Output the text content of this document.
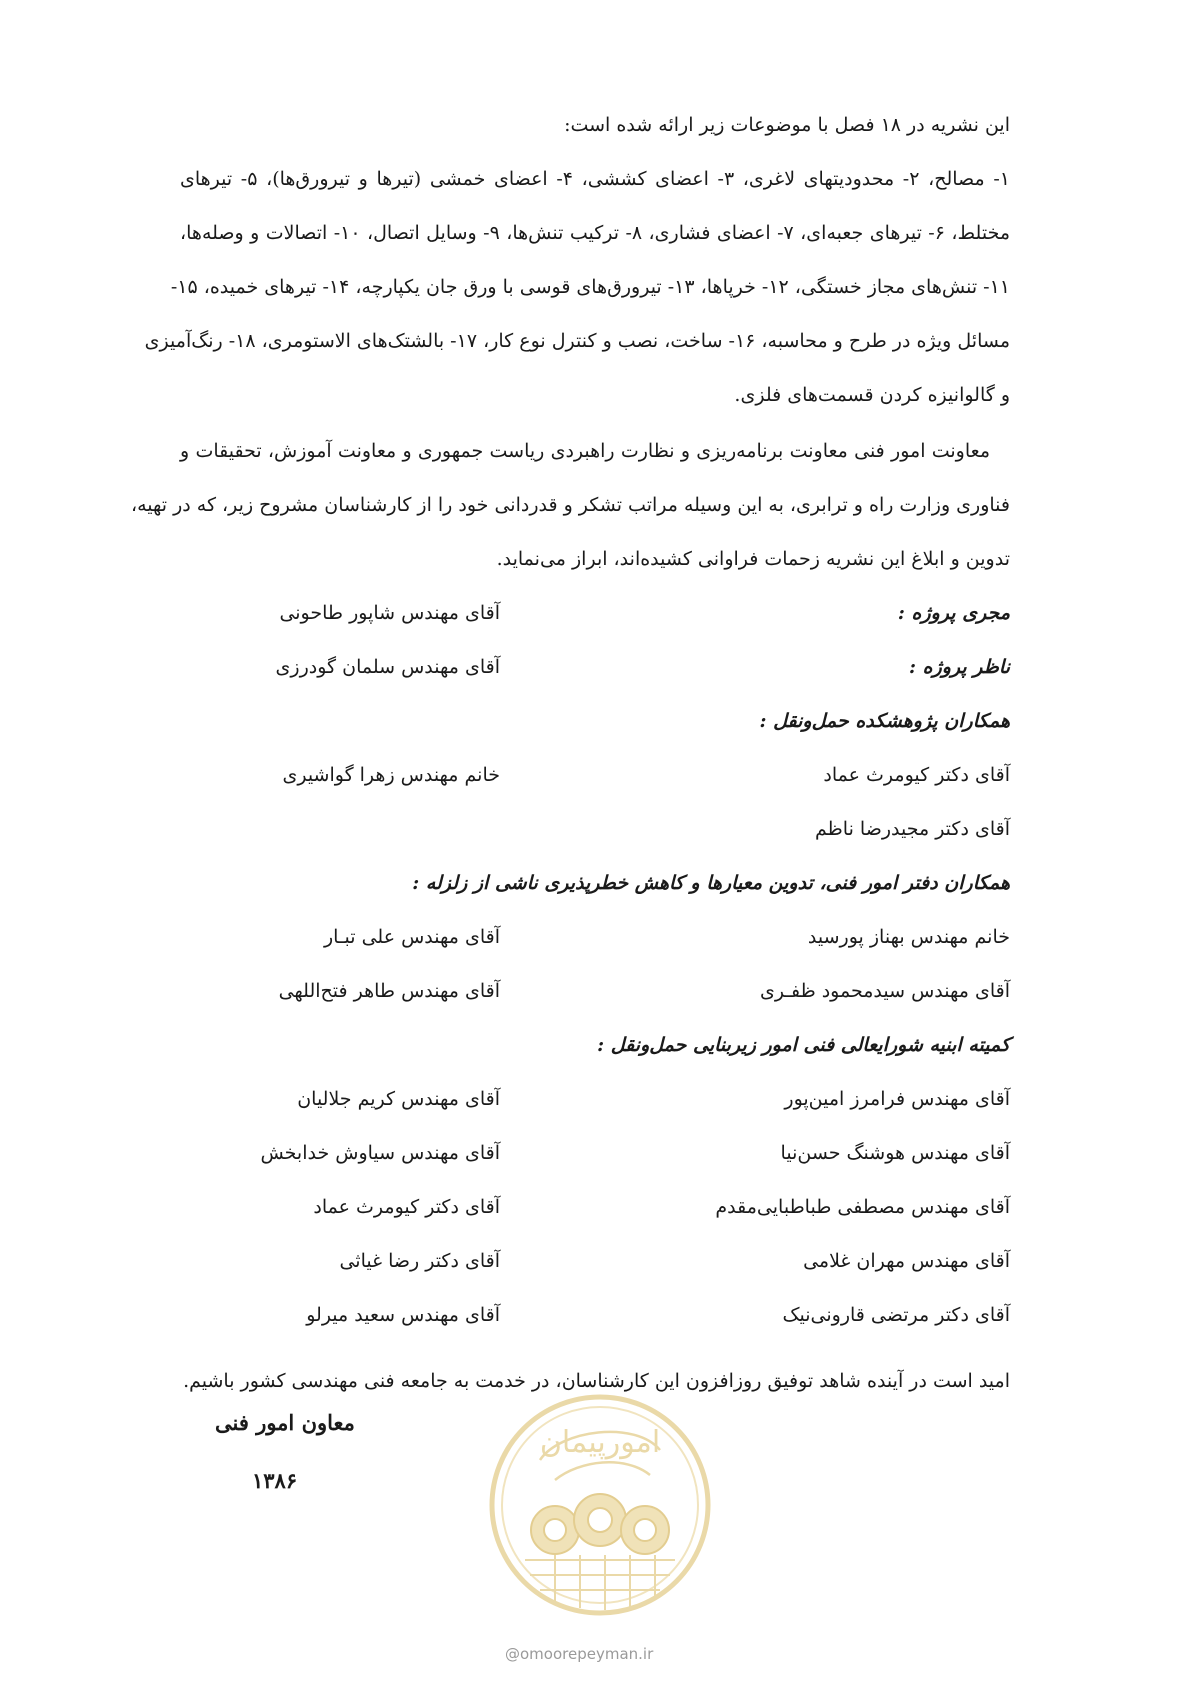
این نشریه در ۱۸ فصل با موضوعات زیر ارائه شده است:
۱- مصالح، ۲- محدودیتهای لاغری، ۳- اعضای کششی، ۴- اعضای خمشی (تیرها و تیرورق‌ها)، ۵- تیرهای
مختلط، ۶- تیرهای جعبه‌ای، ۷- اعضای فشاری، ۸- ترکیب تنش‌ها، ۹- وسایل اتصال، ۱۰- اتصالات و وصله‌ها،
۱۱- تنش‌های مجاز خستگی، ۱۲- خرپاها، ۱۳- تیرورق‌های قوسی با ورق جان یکپارچه، ۱۴- تیرهای خمیده، ۱۵-
مسائل ویژه در طرح و محاسبه، ۱۶- ساخت، نصب و کنترل نوع کار، ۱۷- بالشتک‌های الاستومری، ۱۸- رنگ‌آمیزی
و گالوانیزه کردن قسمت‌های فلزی.
معاونت امور فنی معاونت برنامه‌ریزی و نظارت راهبردی ریاست جمهوری و معاونت آموزش، تحقیقات و
فناوری وزارت راه و ترابری، به این وسیله مراتب تشکر و قدردانی خود را از کارشناسان مشروح زیر، که در تهیه،
تدوین و ابلاغ این نشریه زحمات فراوانی کشیده‌اند، ابراز می‌نماید.
مجری پروژه :
آقای مهندس شاپور طاحونی
ناظر پروژه :
آقای مهندس سلمان گودرزی
همکاران پژوهشکده حمل‌ونقل :
آقای دکتر کیومرث عماد
خانم مهندس زهرا گواشیری
آقای دکتر مجیدرضا ناظم
همکاران دفتر امور فنی، تدوین معیارها و کاهش خطرپذیری ناشی از زلزله :
خانم مهندس بهناز پورسید
آقای مهندس علی تبـار
آقای مهندس سیدمحمود ظفـری
آقای مهندس طاهر فتح‌اللهی
کمیته ابنیه شورایعالی فنی امور زیربنایی حمل‌ونقل :
آقای مهندس فرامرز امین‌پور
آقای مهندس کریم جلالیان
آقای مهندس هوشنگ حسن‌نیا
آقای مهندس سیاوش خدابخش
آقای مهندس مصطفی طباطبایی‌مقدم
آقای دکتر کیومرث عماد
آقای مهندس مهران غلامی
آقای دکتر رضا غیاثی
آقای دکتر مرتضی قارونی‌نیک
آقای مهندس سعید میرلو
امید است در آینده شاهد توفیق روزافزون این کارشناسان، در خدمت به جامعه فنی مهندسی کشور باشیم.
امورپیمان
@omoorepeyman.ir
معاون امور فنی
۱۳۸۶
